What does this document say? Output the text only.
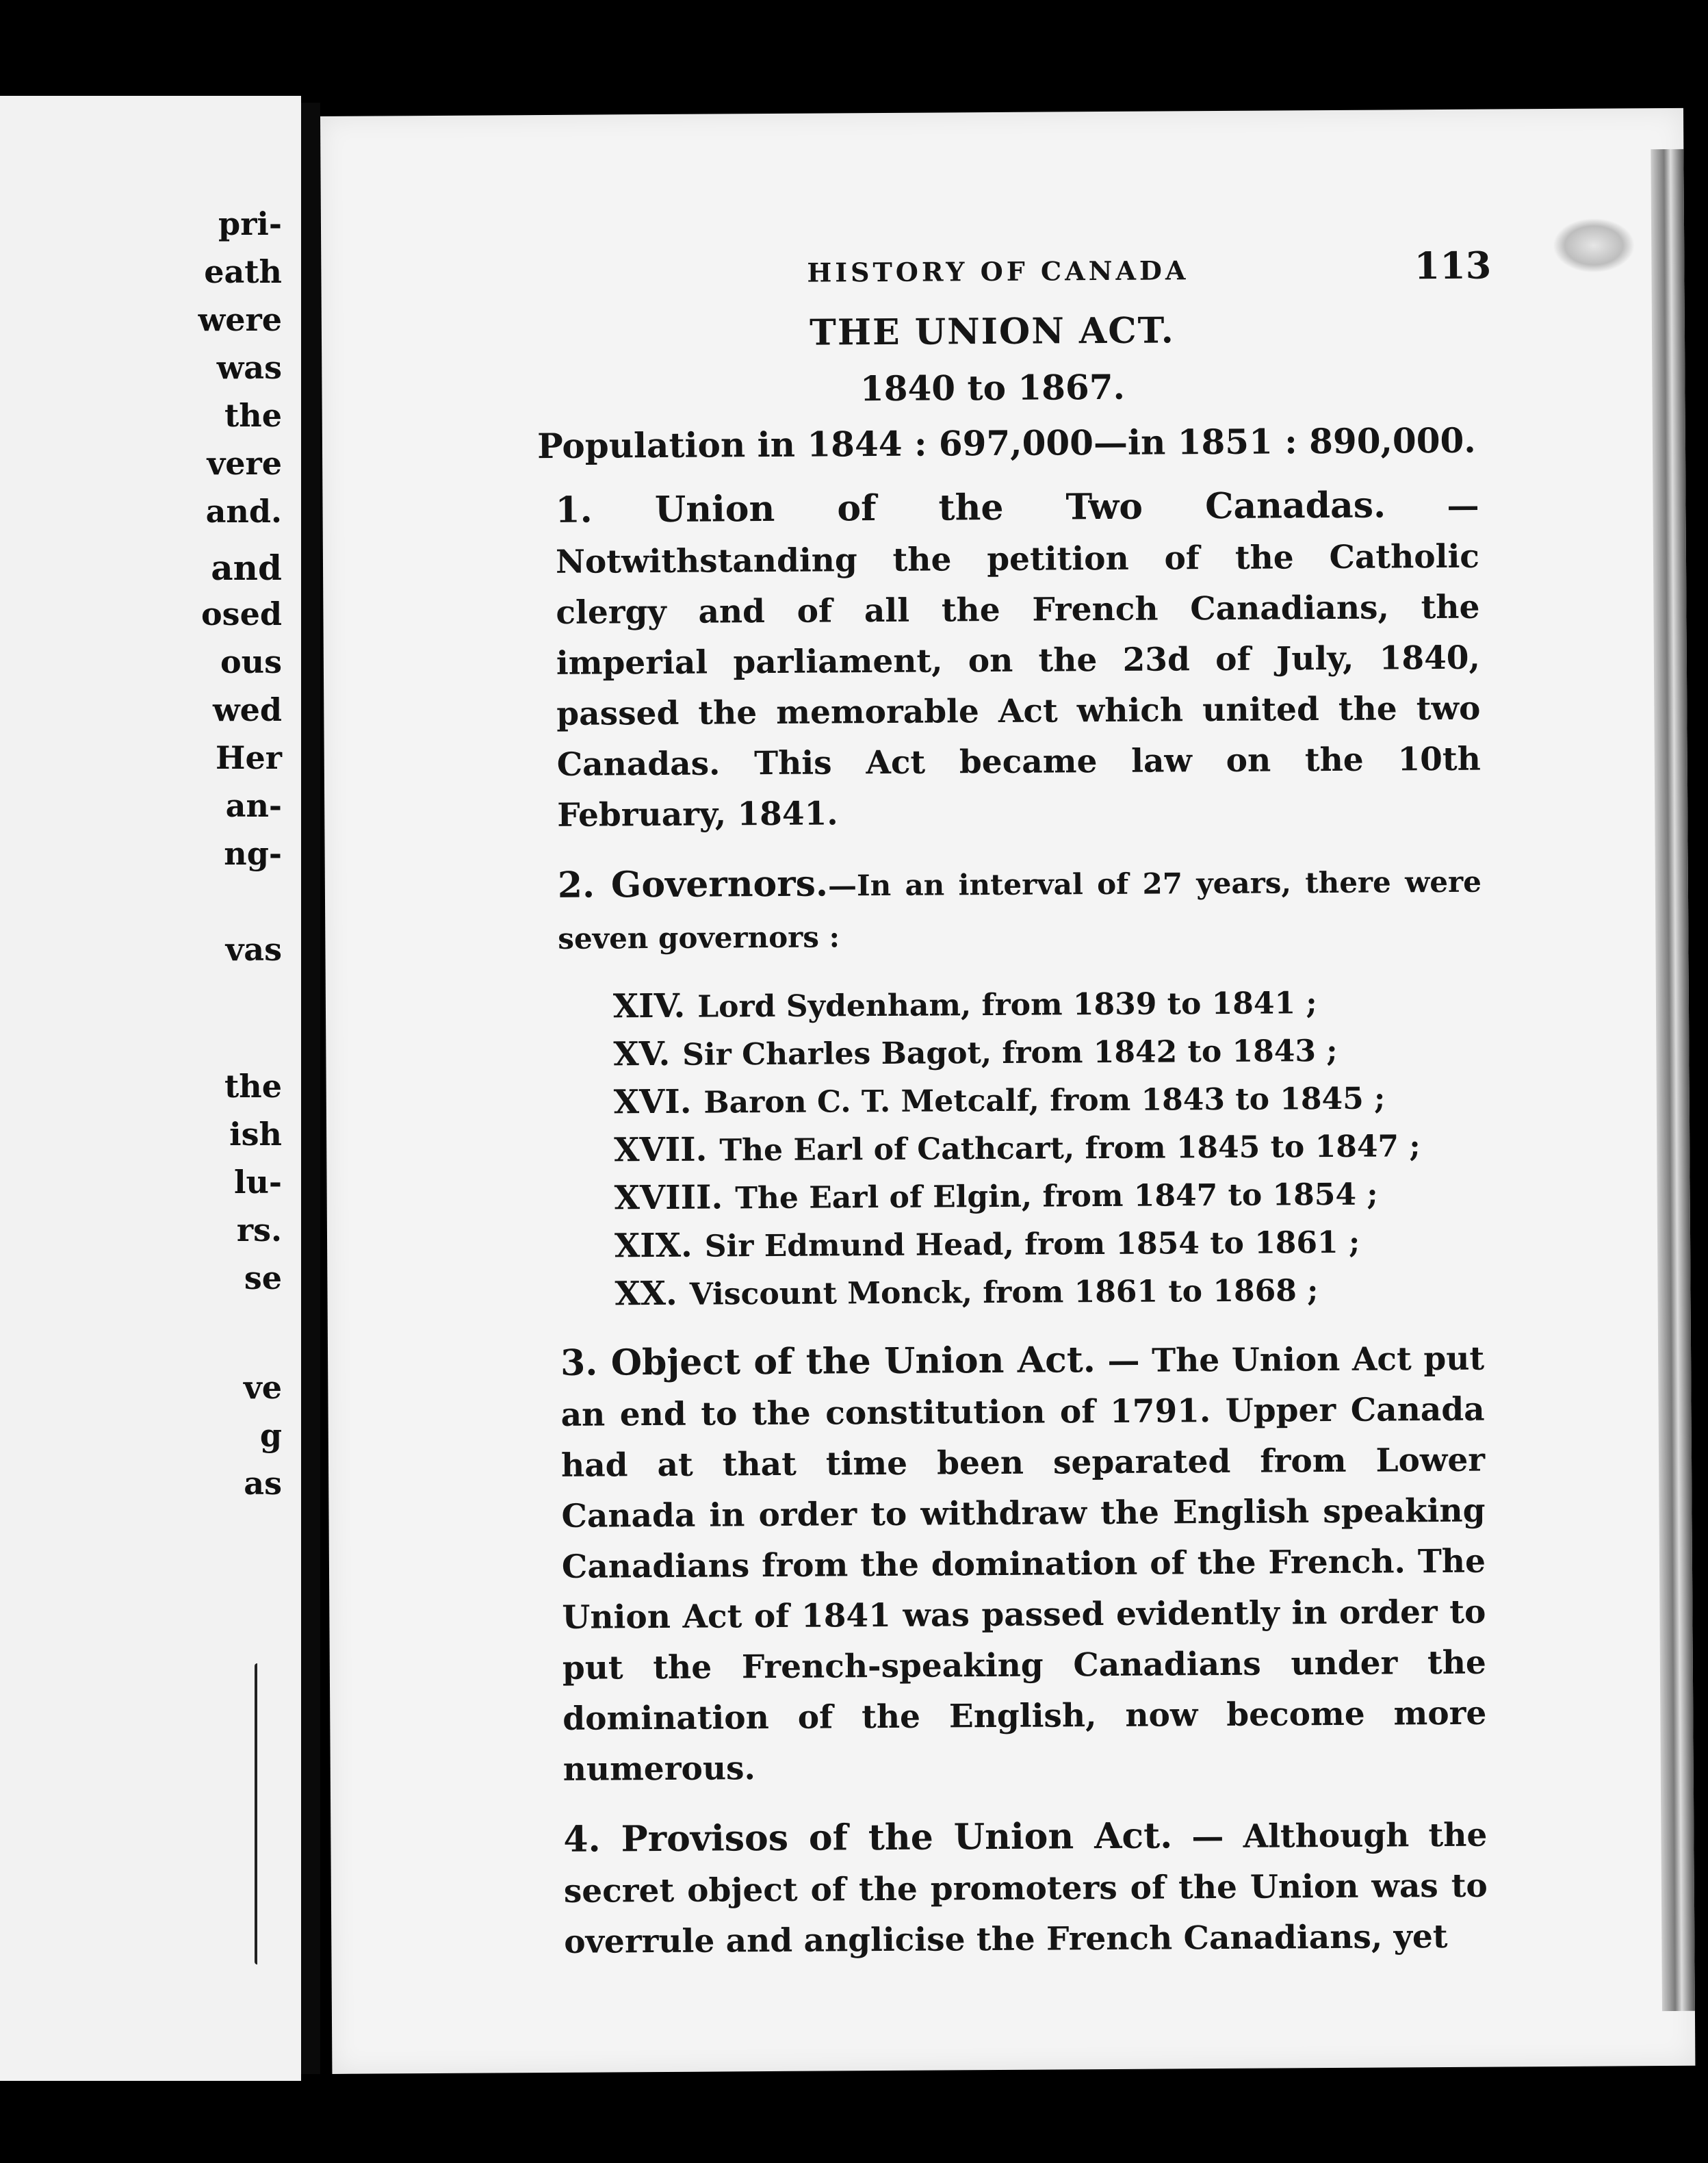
pri-
eath
were
was
the
vere
and.
and
osed
ous
wed
Her
an-
ng-
vas
the
ish
lu-
rs.
se
ve
g
as
HISTORY OF CANADA	113
THE UNION ACT.
1840 to 1867.
Population in 1844 : 697,000—in 1851 : 890,000.
1. Union of the Two Canadas. — Notwithstanding the petition of the Catholic clergy and of all the French Canadians, the imperial parliament, on the 23d of July, 1840, passed the memorable Act which united the two Canadas. This Act became law on the 10th February, 1841.
2. Governors.—In an interval of 27 years, there were seven governors :
XIV. Lord Sydenham, from 1839 to 1841 ;
XV. Sir Charles Bagot, from 1842 to 1843 ;
XVI. Baron C. T. Metcalf, from 1843 to 1845 ;
XVII. The Earl of Cathcart, from 1845 to 1847 ;
XVIII. The Earl of Elgin, from 1847 to 1854 ;
XIX. Sir Edmund Head, from 1854 to 1861 ;
XX. Viscount Monck, from 1861 to 1868 ;
3. Object of the Union Act. — The Union Act put an end to the constitution of 1791. Upper Canada had at that time been separated from Lower Canada in order to withdraw the English speaking Canadians from the domination of the French. The Union Act of 1841 was passed evidently in order to put the French-speaking Canadians under the domination of the English, now become more numerous.
4. Provisos of the Union Act. — Although the secret object of the promoters of the Union was to overrule and anglicise the French Canadians, yet
